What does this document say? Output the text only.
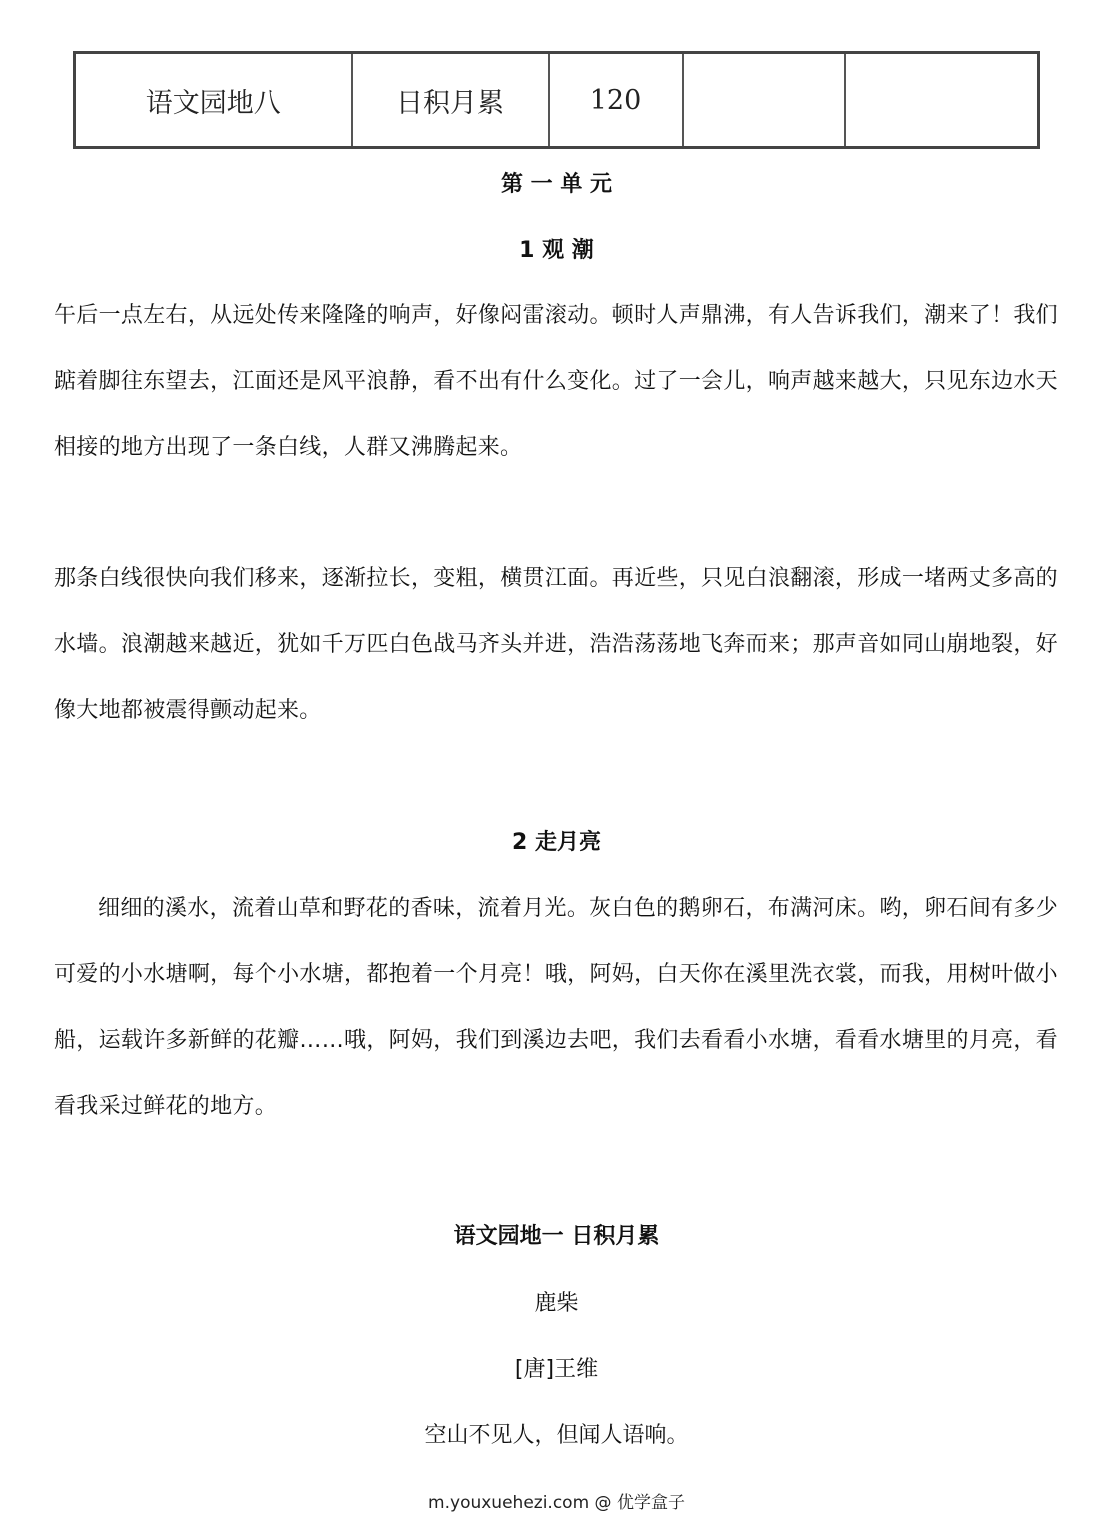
语文园地八	日积月累	120		
第 一 单 元
1 观 潮

午后一点左右，从远处传来隆隆的响声，好像闷雷滚动。顿时人声鼎沸，有人告诉我们，潮来了！我们踮着脚往东望去，江面还是风平浪静，看不出有什么变化。过了一会儿，响声越来越大，只见东边水天相接的地方出现了一条白线，人群又沸腾起来。

那条白线很快向我们移来，逐渐拉长，变粗，横贯江面。再近些，只见白浪翻滚，形成一堵两丈多高的水墙。浪潮越来越近，犹如千万匹白色战马齐头并进，浩浩荡荡地飞奔而来；那声音如同山崩地裂，好像大地都被震得颤动起来。

2 走月亮

细细的溪水，流着山草和野花的香味，流着月光。灰白色的鹅卵石，布满河床。哟，卵石间有多少可爱的小水塘啊，每个小水塘，都抱着一个月亮！哦，阿妈，白天你在溪里洗衣裳，而我，用树叶做小船，运载许多新鲜的花瓣……哦，阿妈，我们到溪边去吧，我们去看看小水塘，看看水塘里的月亮，看看我采过鲜花的地方。

语文园地一 日积月累

鹿柴

[唐]王维

空山不见人，但闻人语响。

m.youxuehezi.com @ 优学盒子
